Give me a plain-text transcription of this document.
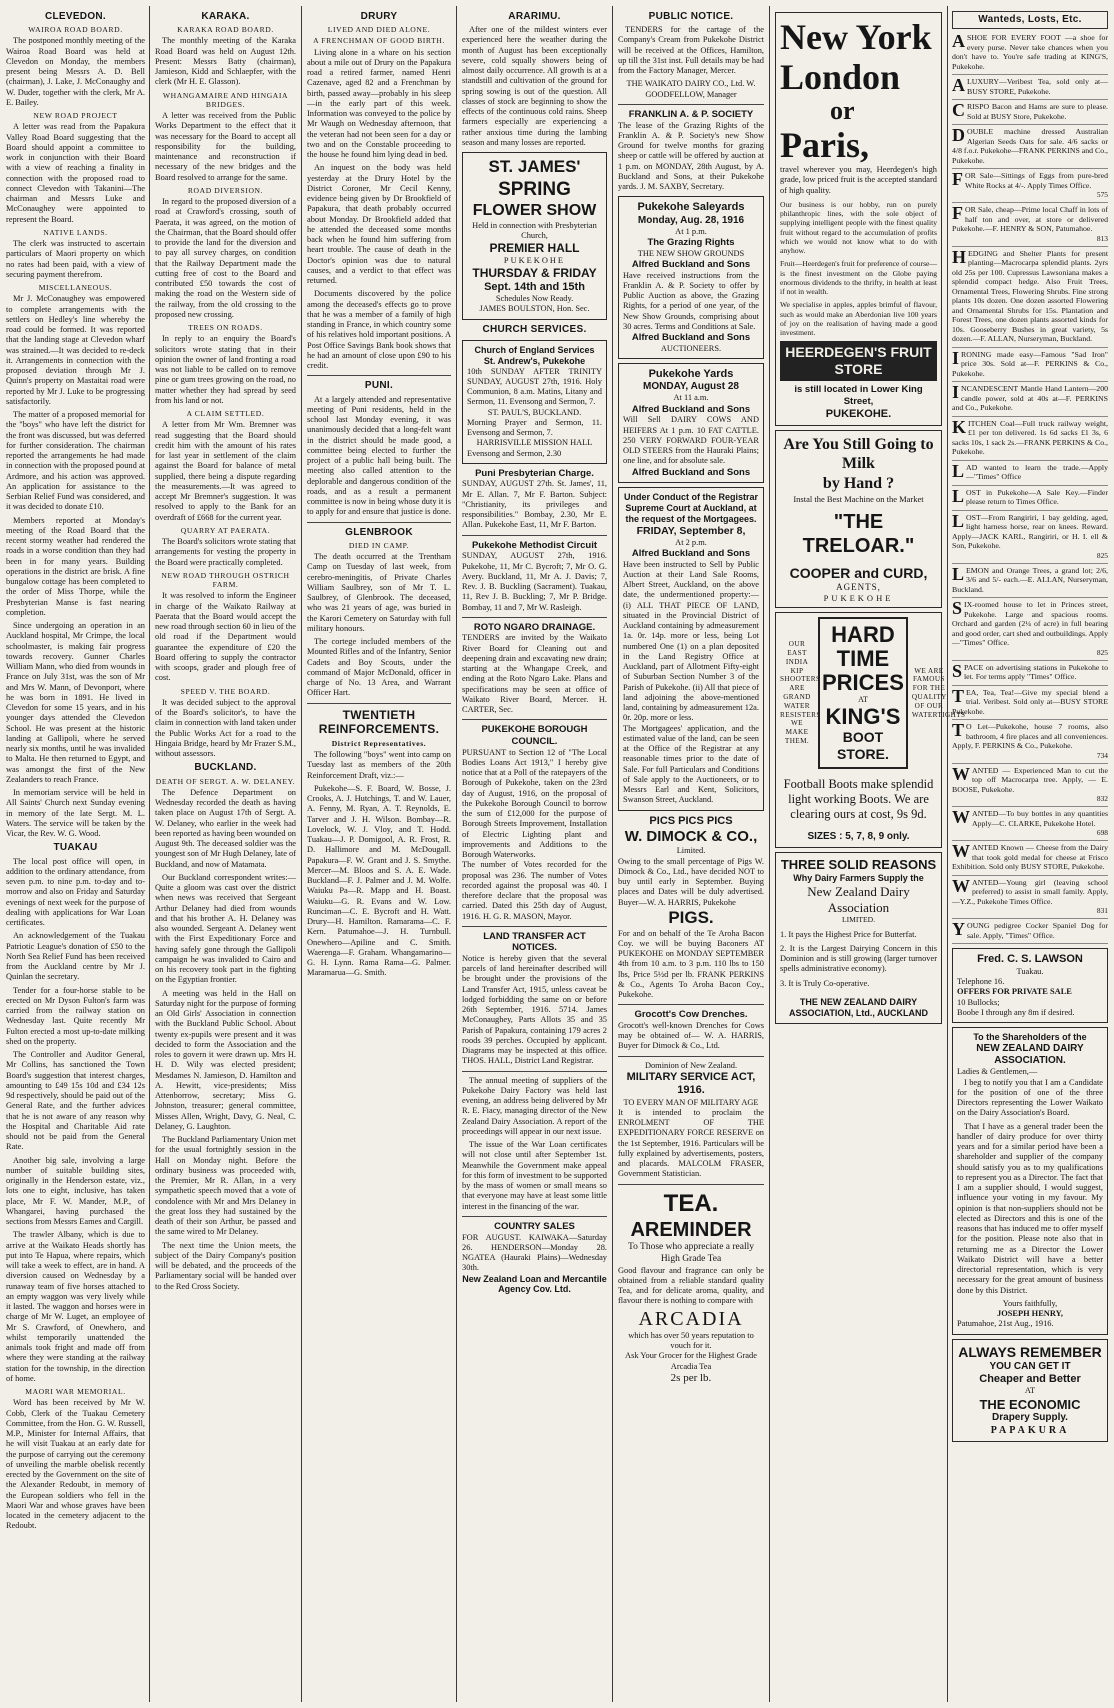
CLEVEDON.
WAIROA ROAD BOARD.

The postponed monthly meeting of the Wairoa Road Board was held at Clevedon on Monday, the members present being Messrs A. D. Bell (chairman), J. Lake, J. McConaughy and W. Duder, together with the clerk, Mr A. E. Bailey.

NEW ROAD PROJECT

A letter was read from the Papakura Valley Road Board suggesting that the Board should appoint a committee to work in conjunction with their Board with a view of reaching a finality in connection with the proposed road to connect Clevedon with Takanini—The chairman and Messrs Luke and McConaughey were appointed to represent the Board.

NATIVE LANDS.

The clerk was instructed to ascertain particulars of Maori property on which no rates had been paid, with a view of securing payment therefrom.

MISCELLANEOUS.

Mr J. McConaughey was empowered to complete arrangements with the settlers on Hedley's line whereby the road could be formed. It was reported that the landing stage at Clevedon wharf was strained.—It was decided to re-deck it. Arrangements in connection with the proposed deviation through Mr J. Quinn's property on Mastaitai road were reported by Mr J. Luke to be progressing satisfactorily.

The matter of a proposed memorial for the "boys" who have left the district for the front was discussed, but was deferred for further consideration. The chairman reported the arrangements he had made in connection with the proposed pound at Ardmore, and his action was approved. An application for assistance to the Serbian Relief Fund was considered, and it was decided to donate £10.

Members reported at Monday's meeting of the Road Board that the recent stormy weather had rendered the roads in a worse condition than they had been in for many years. Building operations in the district are brisk. A fine bungalow cottage has been completed to the order of Miss Thorpe, while the Presbyterian Manse is fast nearing completion.

Since undergoing an operation in an Auckland hospital, Mr Crimpe, the local schoolmaster, is making fair progress towards recovery. Gunner Charles William Mann, who died from wounds in France on July 31st, was the son of Mr and Mrs W. Mann, of Devonport, where he was born in 1891. He lived in Clevedon for some 15 years, and in his younger days attended the Clevedon School. He was present at the historic landing at Gallipoli, where he served nearly six months, until he was invalided to Malta. He then returned to Egypt, and was amongst the first of the New Zealanders to reach France.

In memoriam service will be held in All Saints' Church next Sunday evening in memory of the late Sergt. M. L. Waters. The service will be taken by the Vicar, the Rev. W. G. Wood.

TUAKAU

The local post office will open, in addition to the ordinary attendance, from seven p.m. to nine p.m. to-day and to-morrow and also on Friday and Saturday evenings of next week for the purpose of dealing with applications for War Loan certificates.

An acknowledgement of the Tuakau Patriotic League's donation of £50 to the North Sea Relief Fund has been received from the Auckland centre by Mr J. Quinlan the secretary.

Tender for a four-horse stable to be erected on Mr Dyson Fulton's farm was carried from the railway station on Wednesday last. Quite recently Mr Fulton erected a most up-to-date milking shed on the property.

The Controller and Auditor General, Mr Collins, has sanctioned the Town Board's suggestion that interest charges, amounting to £49 15s 10d and £34 12s 9d respectively, should be paid out of the General Rate, and the further advices that he is not aware of any reason why the Hospital and Charitable Aid rate should not be paid from the General Rate.

Another big sale, involving a large number of suitable building sites, originally in the Henderson estate, viz., lots one to eight, inclusive, has taken place, Mr F. W. Mander, M.P., of Whangarei, having purchased the sections from Messrs Eames and Cargill.

The trawler Albany, which is due to arrive at the Waikato Heads shortly has put into Te Hapua, where repairs, which will take a week to effect, are in hand. A diversion caused on Wednesday by a runaway team of five horses attached to an empty waggon was very lively while it lasted. The waggon and horses were in charge of Mr W. Luget, an employee of Mr S. Crawford, of Onewhero, and whilst temporarily unattended the animals took fright and made off from where they were standing at the railway station for the township, in the direction of home.

MAORI WAR MEMORIAL.

Word has been received by Mr W. Cobb, Clerk of the Tuakau Cemetery Committee, from the Hon. G. W. Russell, M.P., Minister for Internal Affairs, that he will visit Tuakau at an early date for the purpose of carrying out the ceremony of unveiling the marble obelisk recently erected by the Government on the site of the Alexander Redoubt, in memory of the European soldiers who fell in the Maori War and whose graves have been located in the cemetery adjacent to the Redoubt.

KARAKA.
KARAKA ROAD BOARD.

The monthly meeting of the Karaka Road Board was held on August 12th. Present: Messrs Batty (chairman), Jamieson, Kidd and Schlaepfer, with the clerk (Mr H. E. Glasson).

WHANGAMAIRE AND HINGAIA BRIDGES.

A letter was received from the Public Works Department to the effect that it was necessary for the Board to accept all responsibility for the building, maintenance and reconstruction if necessary of the new bridges and the Board resolved to arrange for the same.

ROAD DIVERSION.

In regard to the proposed diversion of a road at Crawford's crossing, south of Paerata, it was agreed, on the motion of the Chairman, that the Board should offer to provide the land for the diversion and to pay all survey charges, on condition that the Railway Department made the cutting free of cost to the Board and contributed £50 towards the cost of making the road on the Western side of the railway, from the old crossing to the proposed new crossing.

TREES ON ROADS.

In reply to an enquiry the Board's solicitors wrote stating that in their opinion the owner of land fronting a road was not liable to be called on to remove pine or gum trees growing on the road, no matter whether they had spread by seed from his land or not.

A CLAIM SETTLED.

A letter from Mr Wm. Bremner was read suggesting that the Board should credit him with the amount of his rates for last year in settlement of the claim against the Board for balance of metal supplied, there being a dispute regarding the measurements.—It was agreed to accept Mr Bremner's suggestion. It was resolved to apply to the Bank for an overdraft of £668 for the current year.

QUARRY AT PAERATA.

The Board's solicitors wrote stating that arrangements for vesting the property in the Board were practically completed.

NEW ROAD THROUGH OSTRICH FARM.

It was resolved to inform the Engineer in charge of the Waikato Railway at Paerata that the Board would accept the new road through section 60 in lieu of the old road if the Department would guarantee the expenditure of £20 the Board offering to supply the contractor with scoops, grader and plough free of cost.

SPEED V. THE BOARD.

It was decided subject to the approval of the Board's solicitor's, to have the claim in connection with land taken under the Public Works Act for a road to the Hingaia Bridge, heard by Mr Frazer S.M., without assessors.

BUCKLAND.
DEATH OF SERGT. A. W. DELANEY.

The Defence Department on Wednesday recorded the death as having taken place on August 17th of Sergt. A. W. Delaney, who earlier in the week had been reported as having been wounded on August 9th. The deceased soldier was the youngest son of Mr Hugh Delaney, late of Buckland, and now of Matamata.

Our Buckland correspondent writes:—Quite a gloom was cast over the district when news was received that Sergeant Arthur Delaney had died from wounds and that his brother A. H. Delaney was also wounded. Sergeant A. Delaney went with the First Expeditionary Force and having safely gone through the Gallipoli campaign he was invalided to Cairo and on his recovery took part in the fighting on the Egyptian frontier.

A meeting was held in the Hall on Saturday night for the purpose of forming an Old Girls' Association in connection with the Buckland Public School. About twenty ex-pupils were present and it was decided to form the Association and the roles to govern it were drawn up. Mrs H. H. D. Wily was elected president; Mesdames N. Jamieson, D. Hamilton and A. Hewitt, vice-presidents; Miss Attenborrow, secretary; Miss G. Johnston, treasurer; general committee, Misses Allen, Wright, Davy, G. Neal, C. Delaney, G. Laughton.

The Buckland Parliamentary Union met for the usual fortnightly session in the Hall on Monday night. Before the ordinary business was proceeded with, the Premier, Mr R. Allan, in a very sympathetic speech moved that a vote of condolence with Mr and Mrs Delaney in the great loss they had sustained by the death of their son Arthur, be passed and the same wired to Mr Delaney.

The next time the Union meets, the subject of the Dairy Company's position will be debated, and the proceeds of the Parliamentary social will be handed over to the Red Cross Society.

DRURY
LIVED AND DIED ALONE.
A FRENCHMAN OF GOOD BIRTH.

Living alone in a whare on his section about a mile out of Drury on the Papakura road a retired farmer, named Henri Cazenave, aged 82 and a Frenchman by birth, passed away—probably in his sleep—in the early part of this week. Information was conveyed to the police by Mr Waugh on Wednesday afternoon, that the veteran had not been seen for a day or two and on the Constable proceeding to the house he found him lying dead in bed.

An inquest on the body was held yesterday at the Drury Hotel by the District Coroner, Mr Cecil Kenny, evidence being given by Dr Brookfield of Papakura, that death probably occurred about Monday. Dr Brookfield added that he attended the deceased some months back when he found him suffering from heart trouble. The cause of death in the Doctor's opinion was due to natural causes, and a verdict to that effect was returned.

Documents discovered by the police among the deceased's effects go to prove that he was a member of a family of high standing in France, in which country some of his relatives hold important positions. A Post Office Savings Bank book shows that he had an amount of close upon £90 to his credit.

PUNI.

At a largely attended and representative meeting of Puni residents, held in the school last Monday evening, it was unanimously decided that a long-felt want in the district should be made good, a committee being elected to further the project of a public hall being built. The meeting also called attention to the deplorable and dangerous condition of the roads, and as a result a permanent committee is now in being whose duty it is to apply for and ensure that justice is done.

GLENBROOK
DIED IN CAMP.

The death occurred at the Trentham Camp on Tuesday of last week, from cerebro-meningitis, of Private Charles William Saulbrey, son of Mr T. L. Saulbrey, of Glenbrook. The deceased, who was 21 years of age, was buried in the Karori Cemetery on Saturday with full military honours.

The cortege included members of the Mounted Rifles and of the Infantry, Senior Cadets and Boy Scouts, under the command of Major McDonald, officer in charge of No. 13 Area, and Warrant Officer Hart.

TWENTIETH REINFORCEMENTS.
District Representatives.

The following "boys" went into camp on Tuesday last as members of the 20th Reinforcement Draft, viz.:—

Pukekohe—S. F. Board, W. Bosse, J. Crooks, A. J. Hutchings, T. and W. Lauer, A. Fenny, M. Ryan, A. T. Reynolds, E. Tarver and J. H. Wilson. Bombay—R. Lovelock, W. J. Vloy, and T. Hodd. Tuakau—J. P. Domigool, A. R. Frost, R. D. Hallimore and M. McDougall. Papakura—F. W. Grant and J. S. Smythe. Mercer—M. Bloos and S. A. E. Wade. Buckland—F. J. Palmer and J. M. Wolfe. Waiuku Pa—R. Mapp and H. Boast. Waiuku—G. R. Evans and W. Low. Runciman—C. E. Bycroft and H. Watt. Drury—H. Hamilton. Ramarama—C. F. Kern. Patumahoe—J. H. Turnbull. Onewhero—Apiline and C. Smith. Waerenga—F. Graham. Whangamarino—G. H. Lynn. Rama Rama—G. Palmer. Maramarua—G. Smith.

ARARIMU.

After one of the mildest winters ever experienced here the weather during the month of August has been exceptionally severe, cold squally showers being of almost daily occurrence. All growth is at a standstill and cultivation of the ground for spring sowing is out of the question. All classes of stock are beginning to show the effects of the continuous cold rains. Sheep farmers especially are experiencing a rather anxious time during the lambing season and many losses are reported.

ST. JAMES'
SPRING
FLOWER SHOW
Held in connection with Presbyterian Church,
PREMIER HALL
PUKEKOHE
THURSDAY & FRIDAY
Sept. 14th and 15th
Schedules Now Ready.
JAMES BOULSTON, Hon. Sec.
CHURCH SERVICES.
Church of England Services
St. Andrew's, Pukekohe
10th SUNDAY AFTER TRINITY SUNDAY, AUGUST 27th, 1916. Holy Communion, 8 a.m. Matins, Litany and Sermon, 11. Evensong and Sermon, 7.
ST. PAUL'S, BUCKLAND.
Morning Prayer and Sermon, 11. Evensong and Sermon, 7.
HARRISVILLE MISSION HALL
Evensong and Sermon, 2.30
Puni Presbyterian Charge.
SUNDAY, AUGUST 27th. St. James', 11, Mr E. Allan. 7, Mr F. Barton. Subject: "Christianity, its privileges and responsibilities." Bombay, 2.30, Mr E. Allan. Pukekohe East, 11, Mr F. Barton.
Pukekohe Methodist Circuit
SUNDAY, AUGUST 27th, 1916. Pukekohe, 11, Mr C. Bycroft; 7, Mr O. G. Avery. Buckland, 11, Mr A. J. Davis; 7, Rev. J. B. Buckling (Sacrament). Tuakau, 11, Rev J. B. Buckling; 7, Mr P. Bridge. Bombay, 11 and 7, Mr W. Rasleigh.
ROTO NGARO DRAINAGE.
TENDERS are invited by the Waikato River Board for Cleaning out and deepening drain and excavating new drain; starting at the Whangape Creek, and ending at the Roto Ngaro Lake. Plans and specifications may be seen at office of Waikato River Board, Mercer. H. CARTER, Sec.
PUKEKOHE BOROUGH COUNCIL.
PURSUANT to Section 12 of "The Local Bodies Loans Act 1913," I hereby give notice that at a Poll of the ratepayers of the Borough of Pukekohe, taken on the 23rd day of August, 1916, on the proposal of the Pukekohe Borough Council to borrow the sum of £12,000 for the purpose of Borough Streets Improvement, Installation of Electric Lighting plant and improvements and Additions to the Borough Waterworks.
The number of Votes recorded for the proposal was 236. The number of Votes recorded against the proposal was 40. I therefore declare that the proposal was carried. Dated this 25th day of August, 1916. H. G. R. MASON, Mayor.
LAND TRANSFER ACT NOTICES.
Notice is hereby given that the several parcels of land hereinafter described will be brought under the provisions of the Land Transfer Act, 1915, unless caveat be lodged forbidding the same on or before 26th September, 1916. 5714. James McConaughey, Parts Allots 35 and 35 Parish of Papakura, containing 179 acres 2 roods 39 perches. Occupied by applicant. Diagrams may be inspected at this office. THOS. HALL, District Land Registrar.

The annual meeting of suppliers of the Pukekohe Dairy Factory was held last evening, an address being delivered by Mr R. E. Fiacy, managing director of the New Zealand Dairy Association. A report of the proceedings will appear in our next issue.

The issue of the War Loan certificates will not close until after September 1st. Meanwhile the Government make appeal for this form of investment to be supported by the mass of women or small means so that everyone may have at least some little interest in the financing of the war.

COUNTRY SALES
FOR AUGUST. KAIWAKA—Saturday 26. HENDERSON—Monday 28. NGATEA (Hauraki Plains)—Wednesday 30th.
New Zealand Loan and Mercantile Agency Cov. Ltd.
PUBLIC NOTICE.

TENDERS for the cartage of the Company's Cream from Pukekohe District will be received at the Offices, Hamilton, up till the 31st inst. Full details may be had from the Factory Manager, Mercer.

THE WAIKATO DAIRY CO., Ltd. W. GOODFELLOW, Manager
FRANKLIN A. & P. SOCIETY
The lease of the Grazing Rights of the Franklin A. & P. Society's new Show Ground for twelve months for grazing sheep or cattle will be offered by auction at 1 p.m. on MONDAY, 28th August, by A. Buckland and Sons, at their Pukekohe yards. J. M. SAXBY, Secretary.
Pukekohe Saleyards
Monday, Aug. 28, 1916
At 1 p.m.
The Grazing Rights
THE NEW SHOW GROUNDS
Alfred Buckland and Sons
Have received instructions from the Franklin A. & P. Society to offer by Public Auction as above, the Grazing Rights, for a period of one year, of the New Show Grounds, comprising about 30 acres. Terms and Conditions at Sale.
Alfred Buckland and Sons
AUCTIONEERS.
Pukekohe Yards
MONDAY, August 28
At 11 a.m.
Alfred Buckland and Sons
Will Sell DAIRY COWS AND HEIFERS At 1 p.m. 10 FAT CATTLE. 250 VERY FORWARD FOUR-YEAR OLD STEERS from the Hauraki Plains; one line, and for absolute sale.
Alfred Buckland and Sons
Under Conduct of the Registrar Supreme Court at Auckland, at the request of the Mortgagees.
FRIDAY, September 8,
At 2 p.m.
Alfred Buckland and Sons
Have been instructed to Sell by Public Auction at their Land Sale Rooms, Albert Street, Auckland, on the above date, the undermentioned property:— (i) ALL THAT PIECE OF LAND, situated in the Provincial District of Auckland containing by admeasurement 1a. 0r. 14p. more or less, being Lot numbered One (1) on a plan deposited in the Land Registry Office at Auckland, part of Allotment Fifty-eight of Suburban Section Number 3 of the Parish of Pukekohe. (ii) All that piece of land adjoining the above-mentioned land, containing by admeasurement 12a. 0r. 20p. more or less.
The Mortgagees' application, and the estimated value of the land, can be seen at the Office of the Registrar at any reasonable times prior to the date of Sale. For full Particulars and Conditions of Sale apply to the Auctioneers, or to Messrs Earl and Kent, Solicitors, Swanson Street, Auckland.
PICS PICS PICS
W. DIMOCK & CO.,
Limited.
Owing to the small percentage of Pigs W. Dimock & Co., Ltd., have decided NOT to buy until early in September. Buying places and Dates will be duly advertised. Buyer—W. A. HARRIS, Pukekohe
PIGS.
For and on behalf of the Te Aroha Bacon Coy. we will be buying Baconers AT PUKEKOHE on MONDAY SEPTEMBER 4th from 10 a.m. to 3 p.m. 110 lbs to 150 lbs, Price 5½d per lb. FRANK PERKINS & Co., Agents To Aroha Bacon Coy., Pukekohe.
Grocott's Cow Drenches.
Grocott's well-known Drenches for Cows may be obtained of— W. A. HARRIS, Buyer for Dimock & Co., Ltd.
Dominion of New Zealand.
MILITARY SERVICE ACT, 1916.
TO EVERY MAN OF MILITARY AGE
It is intended to proclaim the ENROLMENT OF THE EXPEDITIONARY FORCE RESERVE on the 1st September, 1916. Particulars will be fully explained by advertisements, posters, and placards. MALCOLM FRASER, Government Statistician.
TEA.
AREMINDER
To Those who appreciate a really High Grade Tea
Good flavour and fragrance can only be obtained from a reliable standard quality Tea, and for delicate aroma, quality, and flavour there is nothing to compare with
ARCADIA
which has over 50 years reputation to vouch for it.
Ask Your Grocer for the Highest Grade Arcadia Tea
2s per lb.
New York
London
or
Paris,
travel wherever you may, Heerdegen's high grade, low priced fruit is the accepted standard of high quality.
Our business is our hobby, run on purely philanthropic lines, with the sole object of supplying intelligent people with the finest quality fruit without regard to the accumulation of profits which we would not know what to do with anyhow.
Fruit—Heerdegen's fruit for preference of course—is the finest investment on the Globe paying enormous dividends to the thrifty, in health at least if not in wealth.
We specialise in apples, apples brimful of flavour, such as would make an Aberdonian live 100 years of joy on the realisation of having made a good investment.
HEERDEGEN'S FRUIT STORE
is still located in Lower King Street,
PUKEKOHE.
Are You Still Going to Milk
by Hand ?
Instal the Best Machine on the Market
"THE TRELOAR."
COOPER and CURD,
AGENTS,
PUKEKOHE
OUR EAST INDIA KIP SHOOTERS ARE GRAND WATER RESISTERS WE MAKE THEM.
HARD
TIME
PRICES
AT
KING'S
BOOT STORE.
WE ARE FAMOUS FOR THE QUALITY OF OUR WATERTIGHTS
Football Boots make splendid
light working Boots. We are
clearing ours at cost, 9s 9d.
SIZES : 5, 7, 8, 9 only.
THREE SOLID REASONS
Why Dairy Farmers Supply the
New Zealand Dairy Association
LIMITED.
1. It pays the Highest Price for Butterfat.
2. It is the Largest Dairying Concern in this Dominion and is still growing (larger turnover spells administrative economy).
3. It is Truly Co-operative.
THE NEW ZEALAND DAIRY ASSOCIATION, Ltd., AUCKLAND
Wanteds, Losts, Etc.
ASHOE FOR EVERY FOOT —a shoe for every purse. Never take chances when you don't have to. You're safe trading at KING'S, Pukekohe.
ALUXURY—Veribest Tea, sold only at—BUSY STORE, Pukekohe.
CRISPO Bacon and Hams are sure to please. Sold at BUSY Store, Pukekohe.
DOUBLE machine dressed Australian Algerian Seeds Oats for sale. 4/6 sacks or 4/8 f.o.r. Pukekohe—FRANK PERKINS and Co., Pukekohe.
FOR Sale—Sittings of Eggs from pure-bred White Rocks at 4/-. Apply Times Office.
575
FOR Sale, cheap—Prime local Chaff in lots of half ton and over, at store or delivered Pukekohe.—F. HENRY & SON, Patumahoe.
813
HEDGING and Shelter Plants for present planting—Macrocarpa splendid plants. 2yrs old 25s per 100. Cupressus Lawsoniana makes a splendid compact hedge. Also Fruit Trees, Ornamental Trees, Flowering Shrubs. Fine strong plants 10s dozen. One dozen assorted Flowering and Ornamental Shrubs for 15s. Plantation and Forest Trees, one dozen plants assorted kinds for 10s. Gooseberry Bushes in great variety, 5s dozen.—F. ALLAN, Nurseryman, Buckland.
IRONING made easy—Famous "Sad Iron" price 30s. Sold at—F. PERKINS & Co., Pukekohe.
INCANDESCENT Mantle Hand Lantern—200 candle power, sold at 40s at—F. PERKINS and Co., Pukekohe.
KITCHEN Coal—Full truck railway weight, £1 per ton delivered. 1s 6d sacks £1 3s, 6 sacks 10s, 1 sack 2s.—FRANK PERKINS & Co., Pukekohe.
LAD wanted to learn the trade.—Apply—"Times" Office
LOST in Pukekohe—A Sale Key.—Finder please return to Times Office.
LOST—From Rangiriri, 1 bay gelding, aged, light harness horse, rear on knees. Reward. Apply—JACK KARL, Rangiriri, or H. I. ell & Son, Pukekohe.
825
LEMON and Orange Trees, a grand lot; 2/6, 3/6 and 5/- each.—E. ALLAN, Nurseryman, Buckland.
SIX-roomed house to let in Princes street, Pukekohe. Large and spacious rooms. Orchard and garden (2¼ of acre) in full bearing and good order, cart shed and outbuildings. Apply—"Times" Office.
825
SPACE on advertising stations in Pukekohe to let. For terms apply "Times" Office.
TEA, Tea, Tea!—Give my special blend a trial. Veribest. Sold only at—BUSY STORE Pukekohe.
T O Let—Pukekohe, house 7 rooms, also bathroom, 4 fire places and all conveniences. Apply, F. PERKINS & Co., Pukekohe.
734
WANTED — Experienced Man to cut the top off Macrocarpa tree. Apply, — E. BOOSE, Pukekohe.
832
WANTED—To buy bottles in any quantities Apply—C. CLARKE, Pukekohe Hotel.
698
WANTED Known — Cheese from the Dairy that took gold medal for cheese at Frisco Exhibition. Sold only BUSY STORE, Pukekohe.
WANTED—Young girl (leaving school preferred) to assist in small family. Apply,—Y.Z., Pukekohe Times Office.
831
YOUNG pedigree Cocker Spaniel Dog for sale. Apply, "Times" Office.
Fred. C. S. LAWSON
Tuakau.
Telephone 16.
OFFERS FOR PRIVATE SALE
10 Bullocks;
Boobe I through any 8m if desired.
To the Shareholders of the
NEW ZEALAND DAIRY ASSOCIATION.
Ladies & Gentlemen,—

I beg to notify you that I am a Candidate for the position of one of the three Directors representing the Lower Waikato on the Dairy Association's Board.

That I have as a general trader been the handler of dairy produce for over thirty years and for a similar period have been a shareholder and supplier of the company should satisfy you as to my qualifications to represent you as a Director. The fact that I am a supplier should, I would suggest, influence your voting in my favour. My opinion is that non-suppliers should not be elected as Directors and this is one of the reasons that has induced me to offer myself for the position. Please note also that in returning me as a Director the Lower Waikato District will have a better directorial representation, which is very necessary for the great amount of business done by this District.

Yours faithfully,
JOSEPH HENRY,
Patumahoe, 21st Aug., 1916.
ALWAYS REMEMBER
YOU CAN GET IT
Cheaper and Better
AT
THE ECONOMIC
Drapery Supply.
PAPAKURA
